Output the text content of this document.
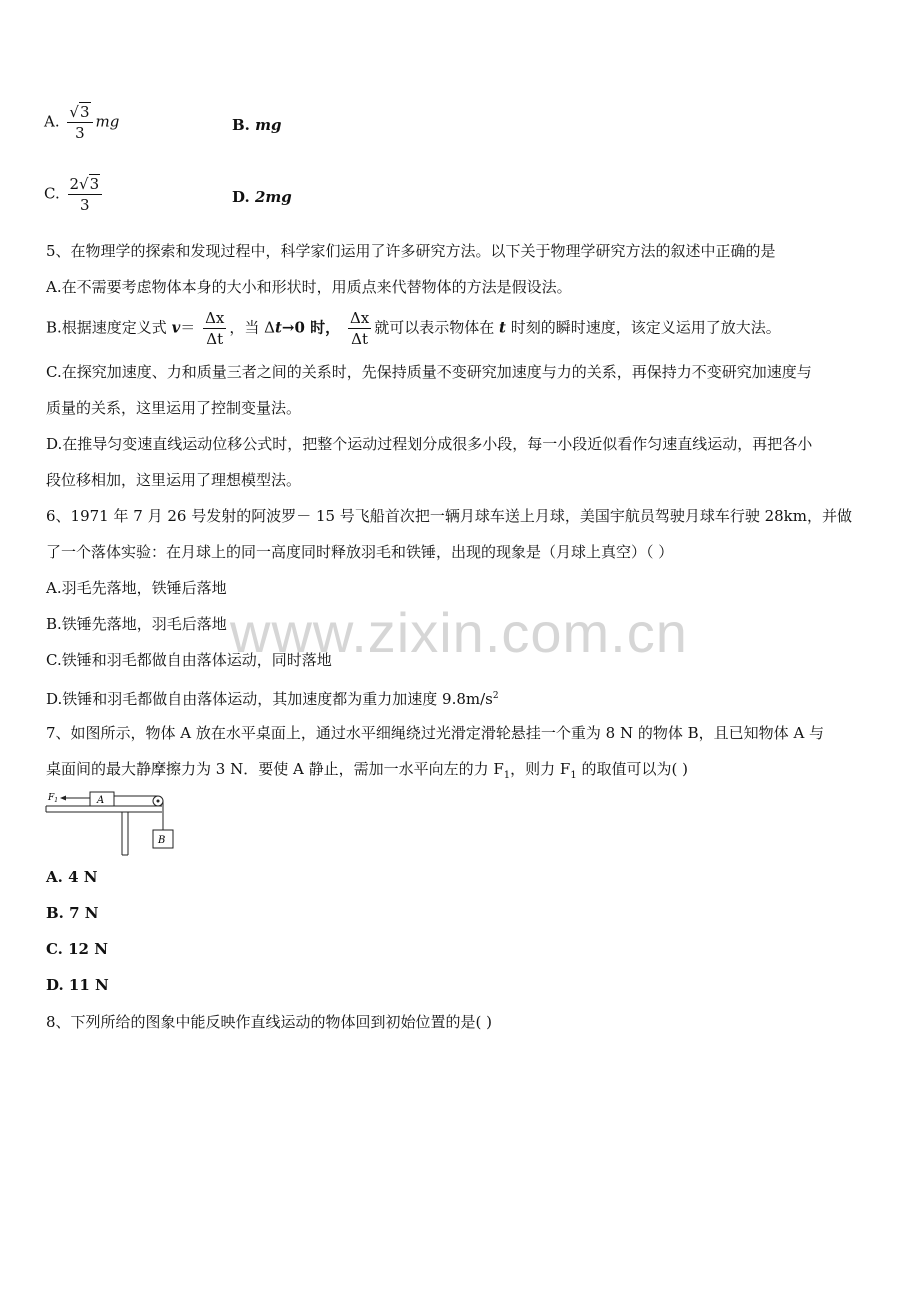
A. $\frac{√3}{3}$ mg	B. mg
C. $\frac{2√3}{3}$	D. 2mg
5、在物理学的探索和发现过程中，科学家们运用了许多研究方法。以下关于物理学研究方法的叙述中正确的是
A.在不需要考虑物体本身的大小和形状时，用质点来代替物体的方法是假设法。
B.根据速度定义式 $v= \frac{\Delta x}{\Delta t}$ ，当 Δt→0 时， $\frac{\Delta x}{\Delta t}$ 就可以表示物体在 t 时刻的瞬时速度，该定义运用了放大法。
C.在探究加速度、力和质量三者之间的关系时，先保持质量不变研究加速度与力的关系，再保持力不变研究加速度与
质量的关系，这里运用了控制变量法。
D.在推导匀变速直线运动位移公式时，把整个运动过程划分成很多小段，每一小段近似看作匀速直线运动，再把各小
段位移相加，这里运用了理想模型法。
6、1971 年 7 月 26 号发射的阿波罗－ 15 号飞船首次把一辆月球车送上月球，美国宇航员驾驶月球车行驶 28km，并做
了一个落体实验：在月球上的同一高度同时释放羽毛和铁锤，出现的现象是（月球上真空）（ ）
A.羽毛先落地，铁锤后落地
B.铁锤先落地，羽毛后落地
C.铁锤和羽毛都做自由落体运动，同时落地
D.铁锤和羽毛都做自由落体运动，其加速度都为重力加速度 $9.8m/s^2$
7、如图所示，物体 A 放在水平桌面上，通过水平细绳绕过光滑定滑轮悬挂一个重为 8 N 的物体 B，且已知物体 A 与
桌面间的最大静摩擦力为 3 N．要使 A 静止，需加一水平向左的力 $F_1$，则力 $F_1$ 的取值可以为( )
A
B
$F_1$
A. 4 N
B. 7 N
C. 12 N
D. 11 N
8、下列所给的图象中能反映作直线运动的物体回到初始位置的是( )
www.zixin.com.cn
